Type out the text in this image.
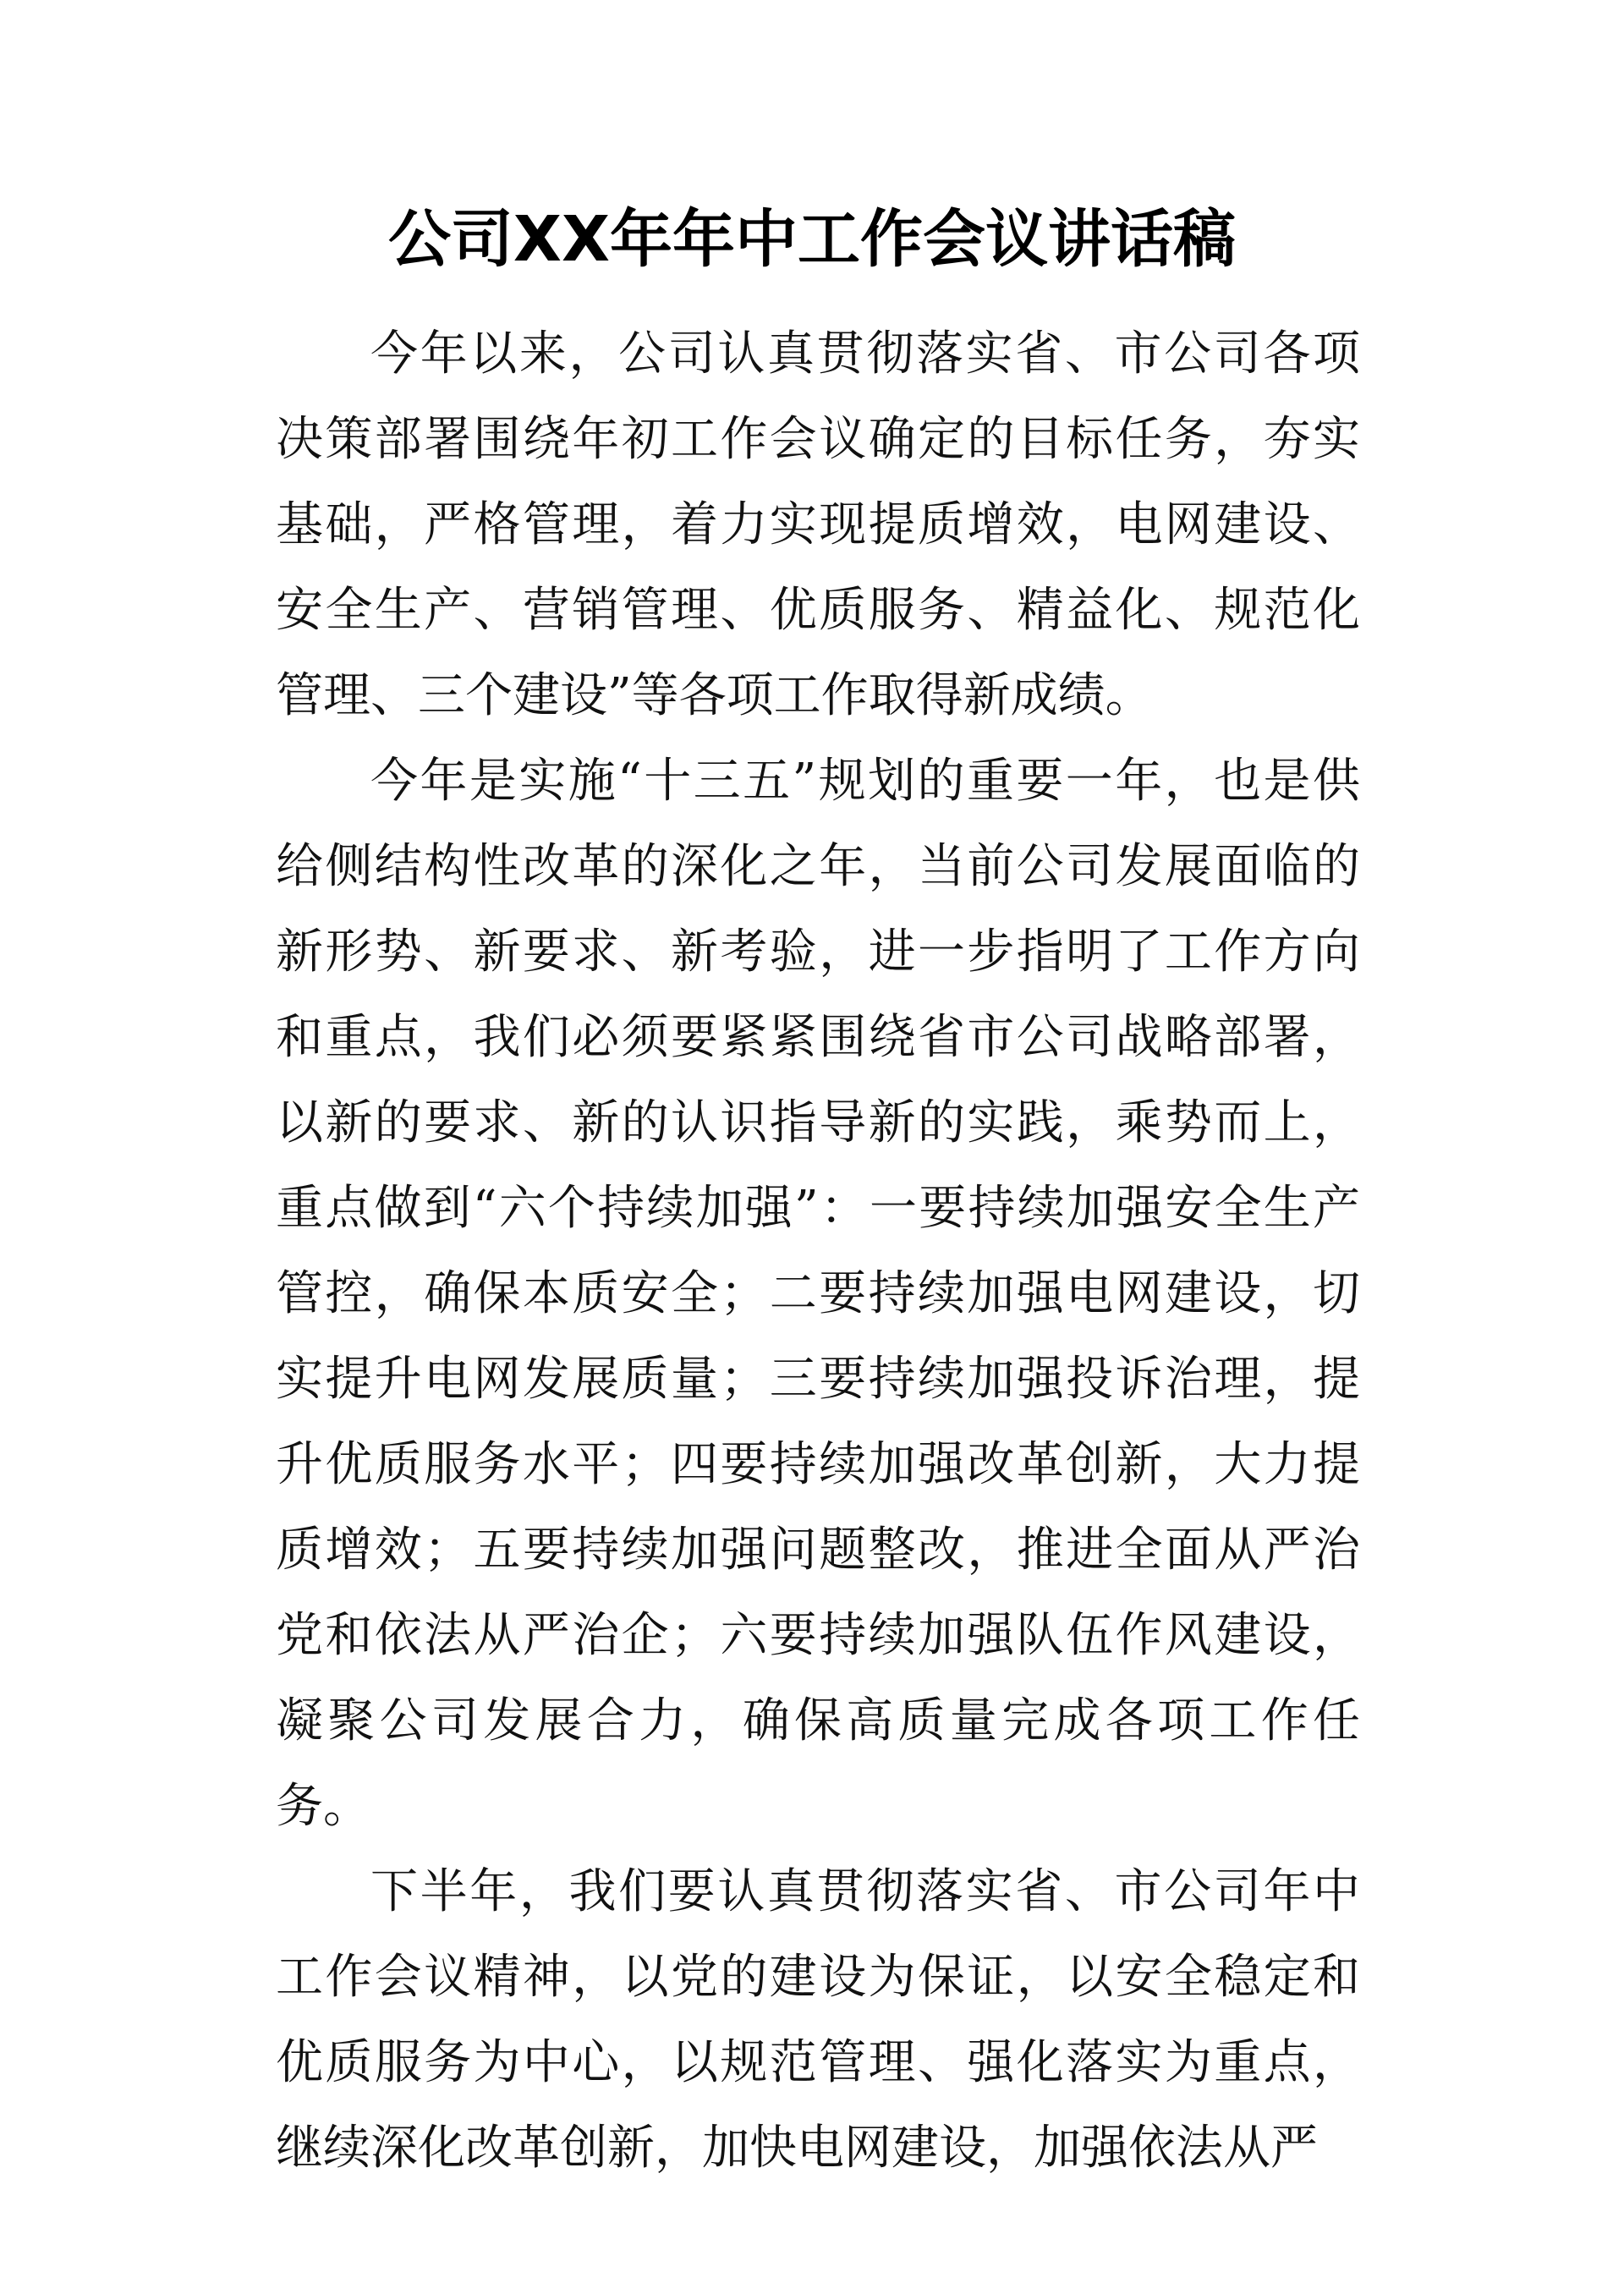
公司XX年年中工作会议讲话稿

今年以来，公司认真贯彻落实省、市公司各项决策部署围绕年初工作会议确定的目标任务，夯实基础，严格管理，着力实现提质增效，电网建设、安全生产、营销管理、优质服务、精益化、规范化管理、三个建设”等各项工作取得新成绩。

今年是实施“十三五”规划的重要一年，也是供给侧结构性改革的深化之年，当前公司发展面临的新形势、新要求、新考验，进一步指明了工作方向和重点，我们必须要紧紧围绕省市公司战略部署，以新的要求、新的认识指导新的实践，乘势而上，重点做到“六个持续加强”：一要持续加强安全生产管控，确保本质安全；二要持续加强电网建设，切实提升电网发展质量；三要持续加强投诉治理，提升优质服务水平；四要持续加强改革创新，大力提质增效；五要持续加强问题整改，推进全面从严治党和依法从严治企；六要持续加强队伍作风建设，凝聚公司发展合力，确保高质量完成各项工作任务。

下半年，我们要认真贯彻落实省、市公司年中工作会议精神，以党的建设为保证，以安全稳定和优质服务为中心，以规范管理、强化落实为重点，继续深化改革创新，加快电网建设，加强依法从严
